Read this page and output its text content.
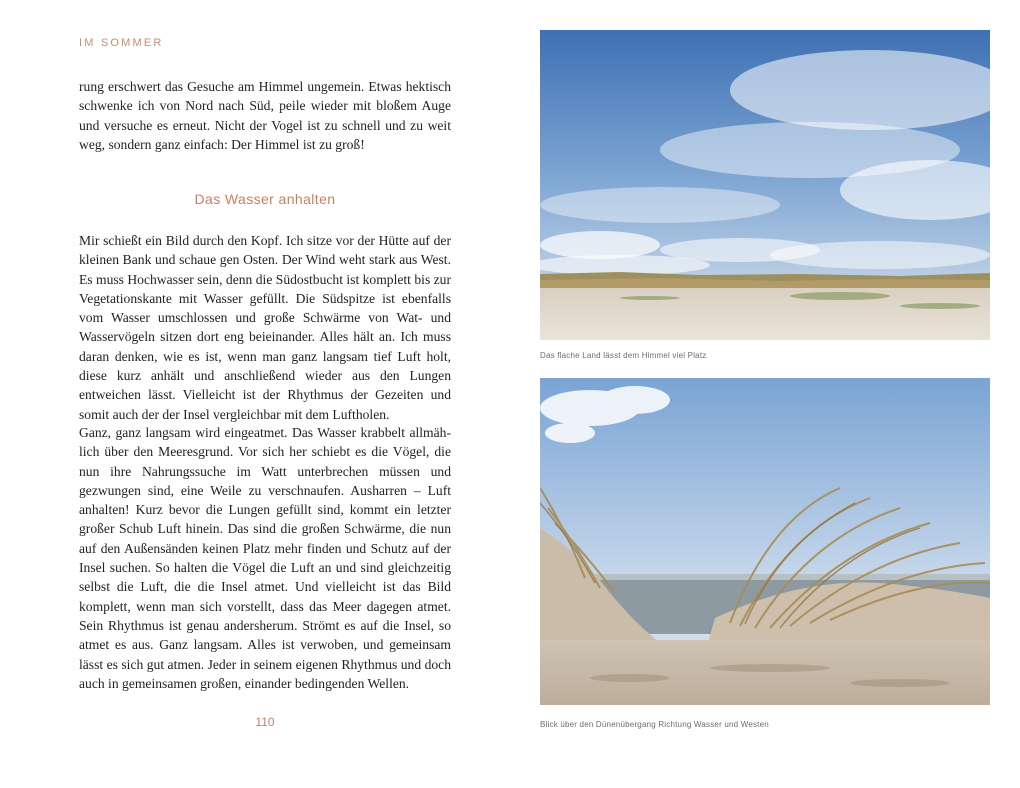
IM SOMMER

rung erschwert das Gesuche am Himmel ungemein. Etwas hektisch schwenke ich von Nord nach Süd, peile wieder mit bloßem Auge und versuche es erneut. Nicht der Vogel ist zu schnell und zu weit weg, sondern ganz einfach: Der Himmel ist zu groß!

Das Wasser anhalten

Mir schießt ein Bild durch den Kopf. Ich sitze vor der Hütte auf der kleinen Bank und schaue gen Osten. Der Wind weht stark aus West. Es muss Hochwasser sein, denn die Südostbucht ist komplett bis zur Vegetationskante mit Wasser gefüllt. Die Südspitze ist ebenfalls vom Wasser umschlossen und große Schwärme von Wat- und Wasservögeln sitzen dort eng beieinander. Alles hält an. Ich muss daran denken, wie es ist, wenn man ganz langsam tief Luft holt, diese kurz anhält und anschließend wieder aus den Lungen entweichen lässt. Vielleicht ist der Rhythmus der Gezeiten und somit auch der der Insel vergleichbar mit dem Luftholen.

Ganz, ganz langsam wird eingeatmet. Das Wasser krabbelt allmählich über den Meeresgrund. Vor sich her schiebt es die Vögel, die nun ihre Nahrungssuche im Watt unterbrechen müssen und gezwungen sind, eine Weile zu verschnaufen. Ausharren – Luft anhalten! Kurz bevor die Lungen gefüllt sind, kommt ein letzter großer Schub Luft hinein. Das sind die großen Schwärme, die nun auf den Außensänden keinen Platz mehr finden und Schutz auf der Insel suchen. So halten die Vögel die Luft an und sind gleichzeitig selbst die Luft, die die Insel atmet. Und vielleicht ist das Bild komplett, wenn man sich vorstellt, dass das Meer dagegen atmet. Sein Rhythmus ist genau andersherum. Strömt es auf die Insel, so atmet es aus. Ganz langsam. Alles ist verwoben, und gemeinsam lässt es sich gut atmen. Jeder in seinem eigenen Rhythmus und doch auch in gemeinsamen großen, einander bedingenden Wellen.

110
Das flache Land lässt dem Himmel viel Platz
Blick über den Dünenübergang Richtung Wasser und Westen
